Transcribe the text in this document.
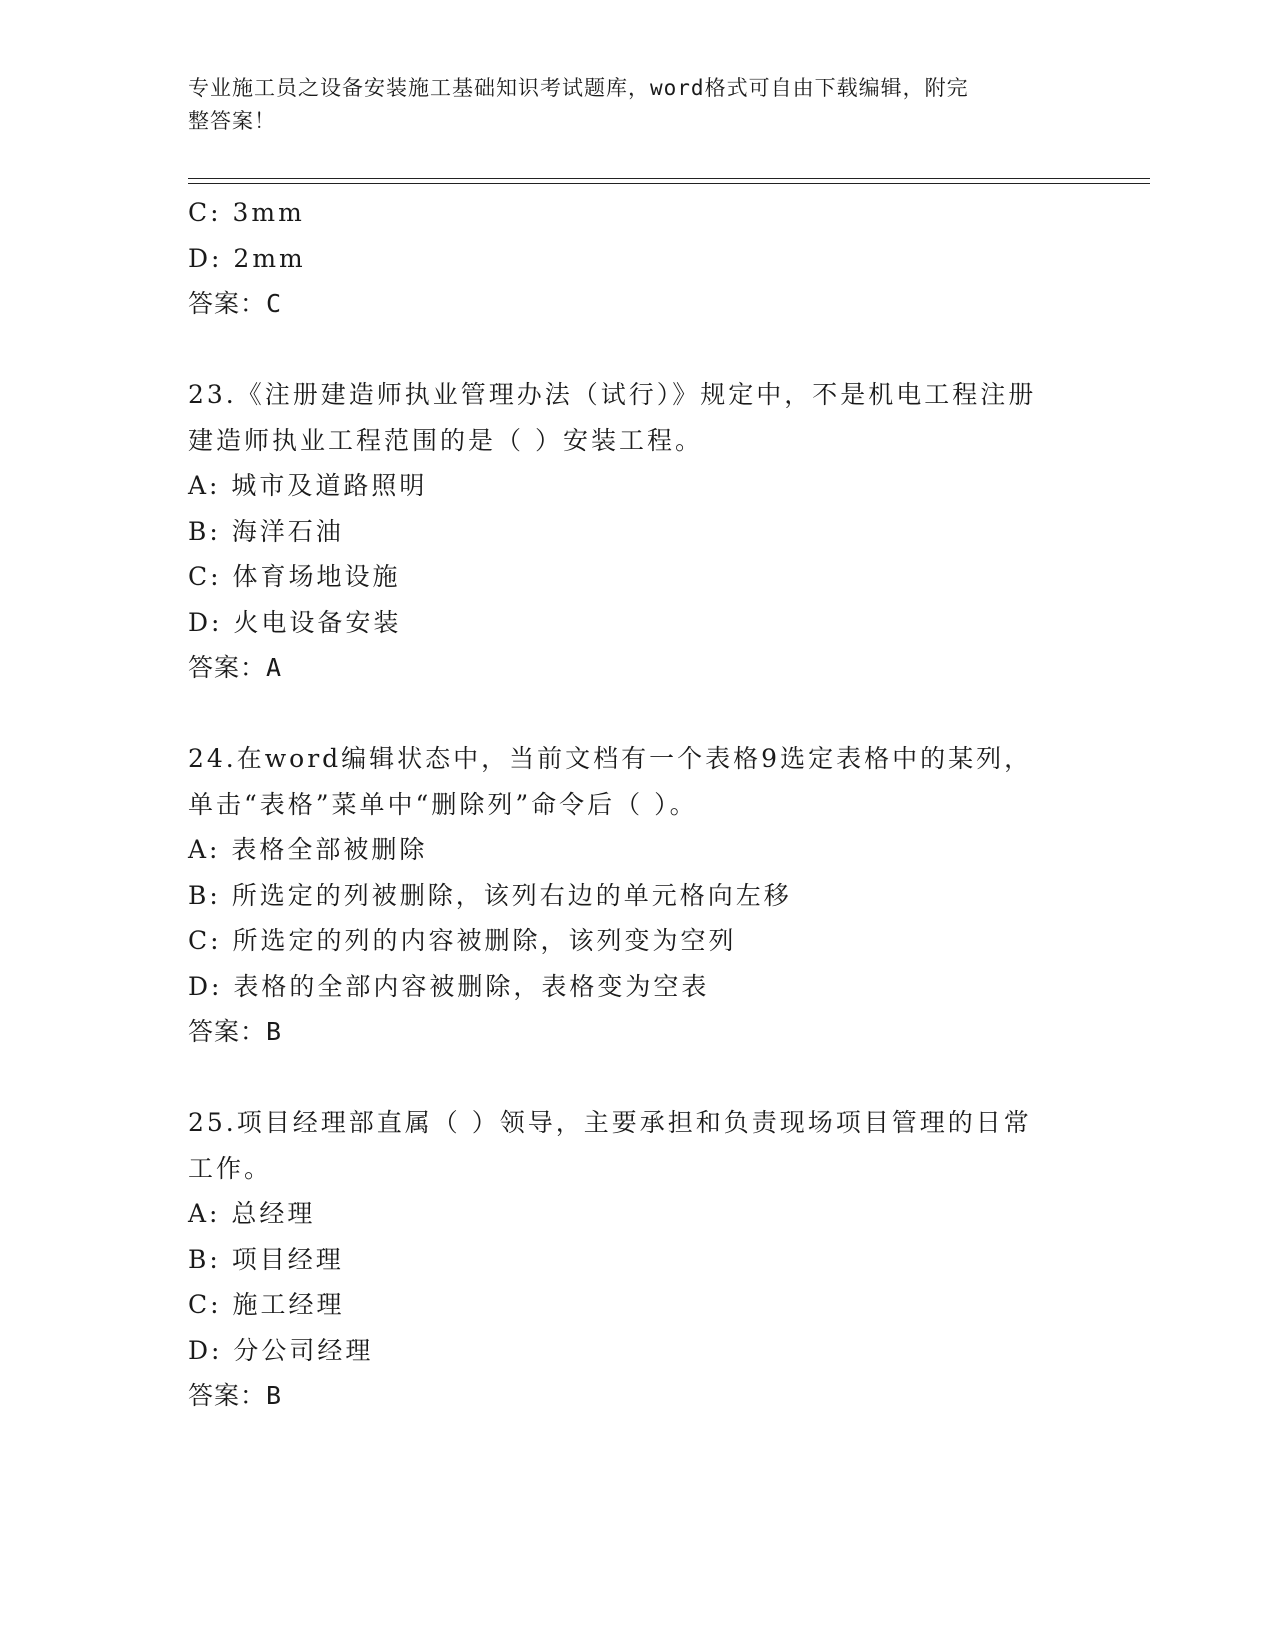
专业施工员之设备安装施工基础知识考试题库，word格式可自由下载编辑，附完
整答案！
C: 3mm
D: 2mm
答案：C
23.《注册建造师执业管理办法（试行）》规定中，不是机电工程注册
建造师执业工程范围的是（ ）安装工程。
A: 城市及道路照明
B: 海洋石油
C: 体育场地设施
D: 火电设备安装
答案：A
24.在word编辑状态中，当前文档有一个表格9选定表格中的某列，
单击“表格”菜单中“删除列”命令后（ ）。
A: 表格全部被删除
B: 所选定的列被删除，该列右边的单元格向左移
C: 所选定的列的内容被删除，该列变为空列
D: 表格的全部内容被删除，表格变为空表
答案：B
25.项目经理部直属（ ）领导，主要承担和负责现场项目管理的日常
工作。
A: 总经理
B: 项目经理
C: 施工经理
D: 分公司经理
答案：B
